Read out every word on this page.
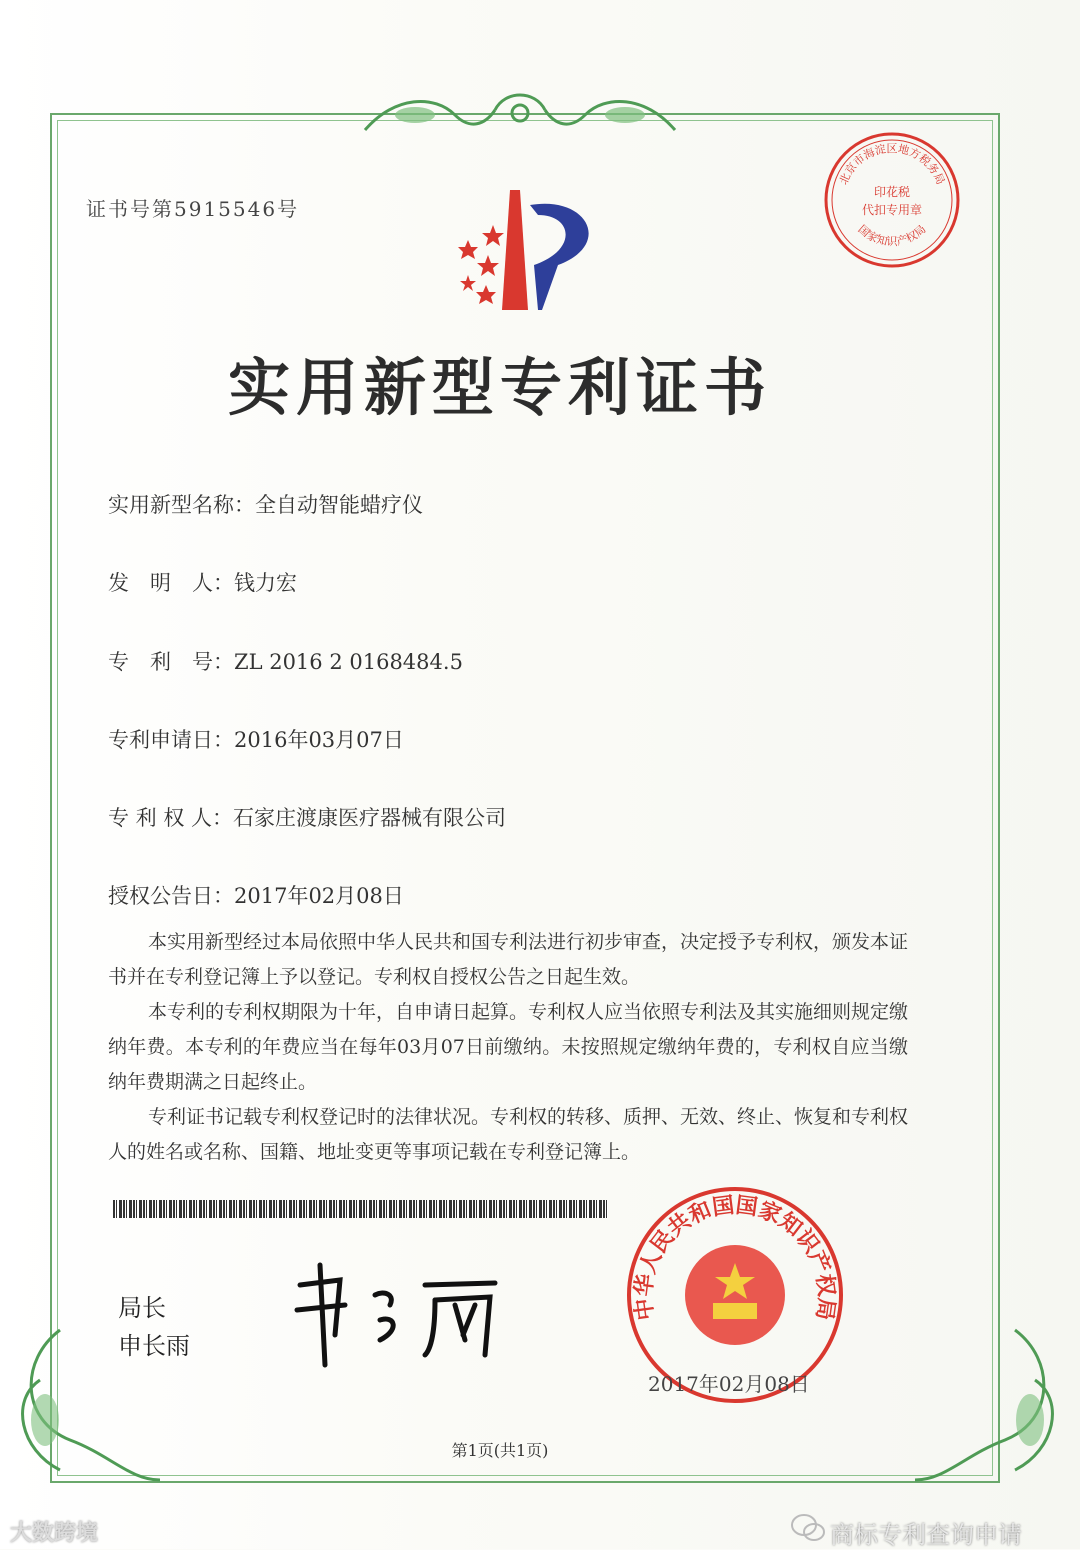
证书号第5915546号
印花税
代扣专用章
北京市海淀区地方税务局
国家知识产权局
实用新型专利证书
实用新型名称：全自动智能蜡疗仪
发　明　人：钱力宏
专　利　号：ZL 2016 2 0168484.5
专利申请日：2016年03月07日
专 利 权 人：石家庄渡康医疗器械有限公司
授权公告日：2017年02月08日
本实用新型经过本局依照中华人民共和国专利法进行初步审查，决定授予专利权，颁发本证书并在专利登记簿上予以登记。专利权自授权公告之日起生效。
本专利的专利权期限为十年，自申请日起算。专利权人应当依照专利法及其实施细则规定缴纳年费。本专利的年费应当在每年03月07日前缴纳。未按照规定缴纳年费的，专利权自应当缴纳年费期满之日起终止。
专利证书记载专利权登记时的法律状况。专利权的转移、质押、无效、终止、恢复和专利权人的姓名或名称、国籍、地址变更等事项记载在专利登记簿上。
局长
申长雨
中华人民共和国国家知识产权局
2017年02月08日
第1页(共1页)
大数跨境	商标专利查询申请
